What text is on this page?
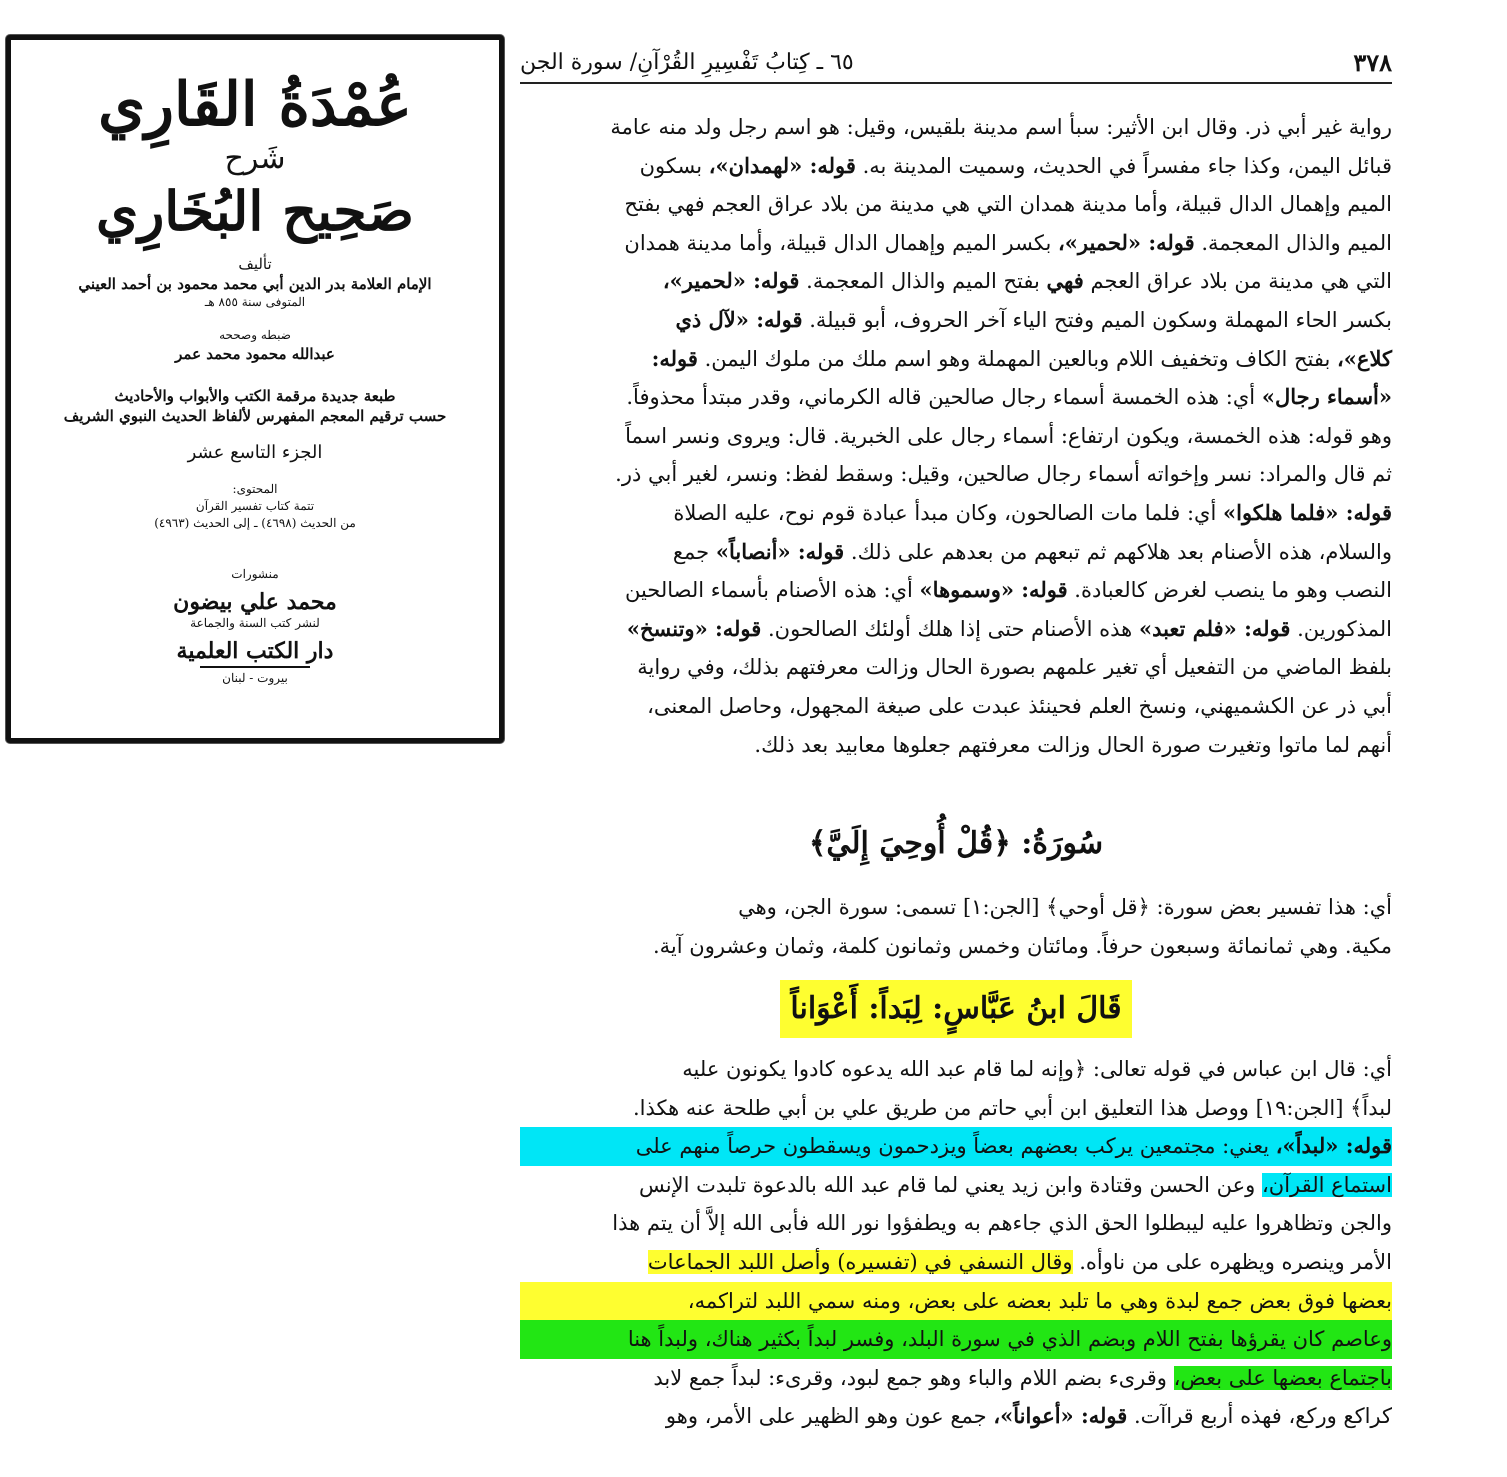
عُمْدَةُ القَارِي
شَرح
صَحِيح البُخَارِي
تأليف
الإمام العلامة بدر الدين أبي محمد محمود بن أحمد العيني
المتوفى سنة ٨٥٥ هـ
ضبطه وصححه
عبدالله محمود محمد عمر
طبعة جديدة مرقمة الكتب والأبواب والأحاديث
حسب ترقيم المعجم المفهرس لألفاظ الحديث النبوي الشريف
الجزء التاسع عشر
المحتوى:
تتمة كتاب تفسير القرآن
من الحديث (٤٦٩٨) ـ إلى الحديث (٤٩٦٣)
منشورات
محمد علي بيضون
لنشر كتب السنة والجماعة
دار الكتب العلمية
بيروت - لبنان
٣٧٨
٦٥ ـ كِتابُ تَفْسِيرِ القُرْآنِ/ سورة الجن

رواية غير أبي ذر. وقال ابن الأثير: سبأ اسم مدينة بلقيس، وقيل: هو اسم رجل ولد منه عامة

قبائل اليمن، وكذا جاء مفسراً في الحديث، وسميت المدينة به. قوله: «لهمدان»، بسكون

الميم وإهمال الدال قبيلة، وأما مدينة همدان التي هي مدينة من بلاد عراق العجم فهي بفتح

الميم والذال المعجمة. قوله: «لحمير»، بكسر الميم وإهمال الدال قبيلة، وأما مدينة همدان

التي هي مدينة من بلاد عراق العجم فهي بفتح الميم والذال المعجمة. قوله: «لحمير»،

بكسر الحاء المهملة وسكون الميم وفتح الياء آخر الحروف، أبو قبيلة. قوله: «لآل ذي

كلاع»، بفتح الكاف وتخفيف اللام وبالعين المهملة وهو اسم ملك من ملوك اليمن. قوله:

«أسماء رجال» أي: هذه الخمسة أسماء رجال صالحين قاله الكرماني، وقدر مبتدأ محذوفاً.

وهو قوله: هذه الخمسة، ويكون ارتفاع: أسماء رجال على الخبرية. قال: ويروى ونسر اسماً

ثم قال والمراد: نسر وإخواته أسماء رجال صالحين، وقيل: وسقط لفظ: ونسر، لغير أبي ذر.

قوله: «فلما هلكوا» أي: فلما مات الصالحون، وكان مبدأ عبادة قوم نوح، عليه الصلاة

والسلام، هذه الأصنام بعد هلاكهم ثم تبعهم من بعدهم على ذلك. قوله: «أنصاباً» جمع

النصب وهو ما ينصب لغرض كالعبادة. قوله: «وسموها» أي: هذه الأصنام بأسماء الصالحين

المذكورين. قوله: «فلم تعبد» هذه الأصنام حتى إذا هلك أولئك الصالحون. قوله: «وتنسخ»

بلفظ الماضي من التفعيل أي تغير علمهم بصورة الحال وزالت معرفتهم بذلك، وفي رواية

أبي ذر عن الكشميهني، ونسخ العلم فحينئذ عبدت على صيغة المجهول، وحاصل المعنى،

أنهم لما ماتوا وتغيرت صورة الحال وزالت معرفتهم جعلوها معابيد بعد ذلك.

سُورَةُ: ﴿قُلْ أُوحِيَ إِلَيَّ﴾

أي: هذا تفسير بعض سورة: ﴿قل أوحي﴾ [الجن:١] تسمى: سورة الجن، وهي

مكية. وهي ثمانمائة وسبعون حرفاً. ومائتان وخمس وثمانون كلمة، وثمان وعشرون آية.

قَالَ ابنُ عَبَّاسٍ: لِبَداً: أَعْوَاناً

أي: قال ابن عباس في قوله تعالى: ﴿وإنه لما قام عبد الله يدعوه كادوا يكونون عليه

لبداً﴾ [الجن:١٩] ووصل هذا التعليق ابن أبي حاتم من طريق علي بن أبي طلحة عنه هكذا.

قوله: «لبداً»، يعني: مجتمعين يركب بعضهم بعضاً ويزدحمون ويسقطون حرصاً منهم على

استماع القرآن، وعن الحسن وقتادة وابن زيد يعني لما قام عبد الله بالدعوة تلبدت الإنس

والجن وتظاهروا عليه ليبطلوا الحق الذي جاءهم به ويطفؤوا نور الله فأبى الله إلاَّ أن يتم هذا

الأمر وينصره ويظهره على من ناوأه. وقال النسفي في (تفسيره) وأصل اللبد الجماعات

بعضها فوق بعض جمع لبدة وهي ما تلبد بعضه على بعض، ومنه سمي اللبد لتراكمه،

وعاصم كان يقرؤها بفتح اللام وبضم الذي في سورة البلد، وفسر لبداً بكثير هناك، ولبداً هنا

باجتماع بعضها على بعض، وقرىء بضم اللام والباء وهو جمع لبود، وقرىء: لبداً جمع لابد

كراكع وركع، فهذه أربع قراآت. قوله: «أعواناً»، جمع عون وهو الظهير على الأمر، وهو
